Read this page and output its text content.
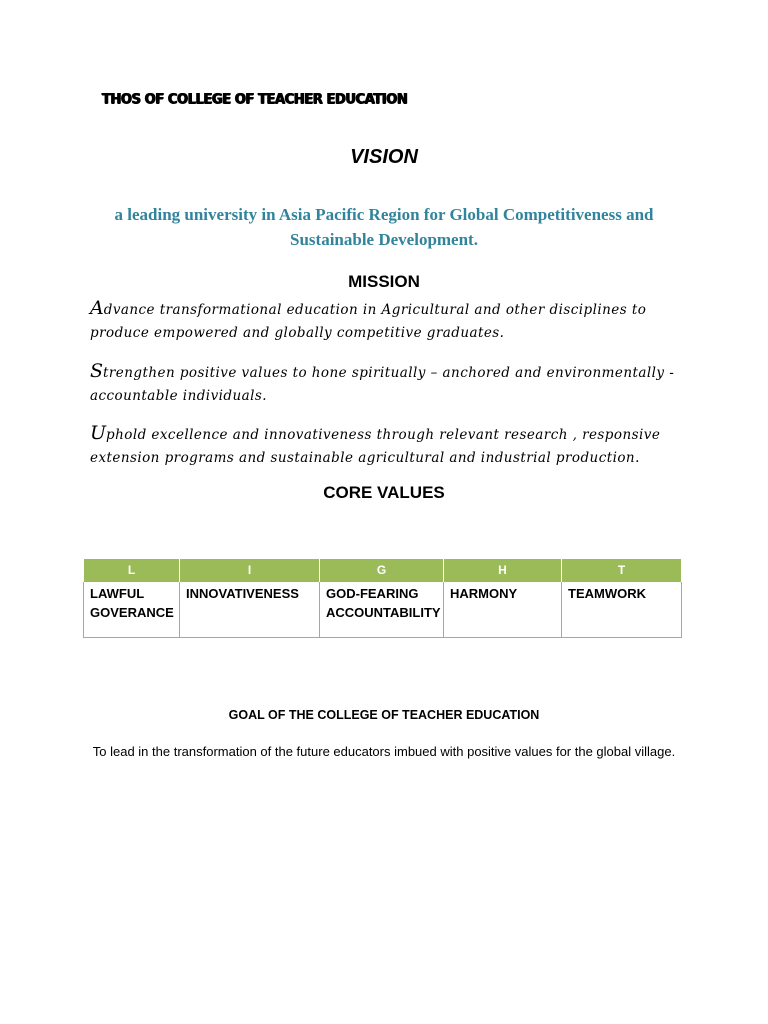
THOS OF COLLEGE OF TEACHER EDUCATION
VISION
a leading university in Asia Pacific Region for Global Competitiveness and Sustainable Development.
MISSION
Advance transformational education in Agricultural and other disciplines to produce empowered and globally competitive graduates.
Strengthen positive values to hone spiritually – anchored and environmentally - accountable individuals.
Uphold excellence and innovativeness through relevant research , responsive extension programs and sustainable agricultural and industrial production.
CORE VALUES
L	I	G	H	T
LAWFUL GOVERANCE	INNOVATIVENESS	GOD-FEARING ACCOUNTABILITY	HARMONY	TEAMWORK
GOAL OF THE COLLEGE OF TEACHER EDUCATION
To lead in the transformation of the future educators imbued with positive values for the global village.
